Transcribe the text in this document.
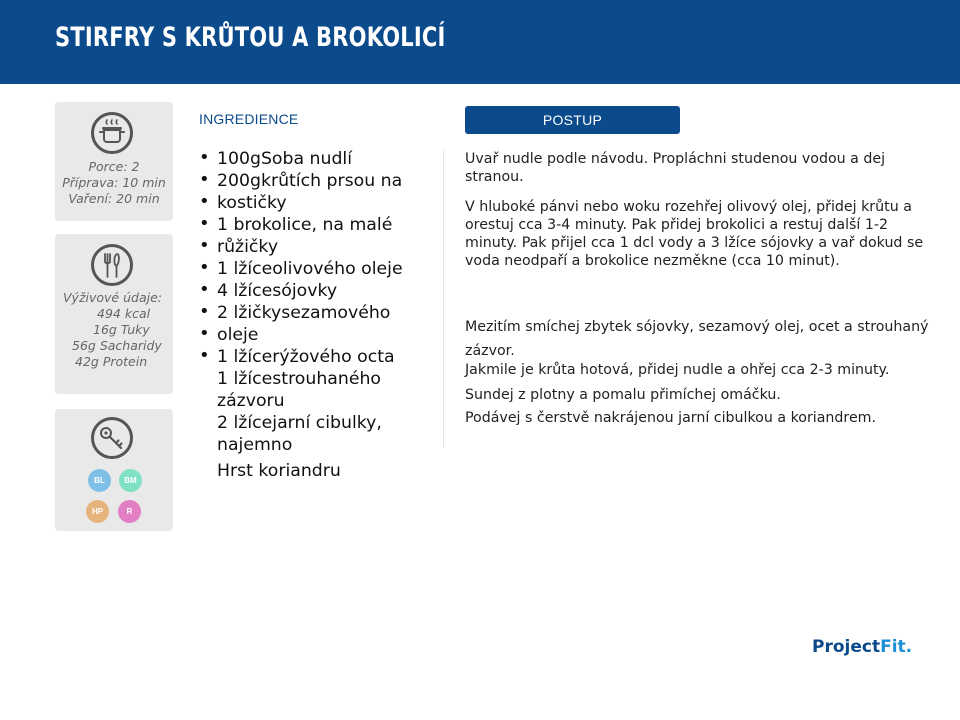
STIRFRY S KRŮTOU A BROKOLICÍ
Porce: 2
Příprava: 10 min
Vaření: 20 min
Výživové údaje:
494 kcal
16g Tuky
56g Sacharidy
42g Protein
BL	BM
HP	R
INGREDIENCE
• 100gSoba nudlí
• 200gkrůtích prsou na
• kostičky
• 1 brokolice, na malé
• růžičky
• 1 lžíceolivového oleje
• 4 lžícesójovky
• 2 lžičkysezamového
• oleje
• 1 lžícerýžového octa
1 lžícestrouhaného
zázvoru
2 lžícejarní cibulky,
najemno
Hrst koriandru
POSTUP

Uvař nudle podle návodu. Propláchni studenou vodou a dej stranou.

V hluboké pánvi nebo woku rozehřej olivový olej, přidej krůtu a orestuj cca 3-4 minuty. Pak přidej brokolici a restuj další 1-2 minuty. Pak přijel cca 1 dcl vody a 3 lžíce sójovky a vař dokud se voda neodpaří a brokolice nezměkne (cca 10 minut).

Mezitím smíchej zbytek sójovky, sezamový olej, ocet a strouhaný zázvor.

Jakmile je krůta hotová, přidej nudle a ohřej cca 2-3 minuty.

Sundej z plotny a pomalu přimíchej omáčku.

Podávej s čerstvě nakrájenou jarní cibulkou a koriandrem.

ProjectFit.
